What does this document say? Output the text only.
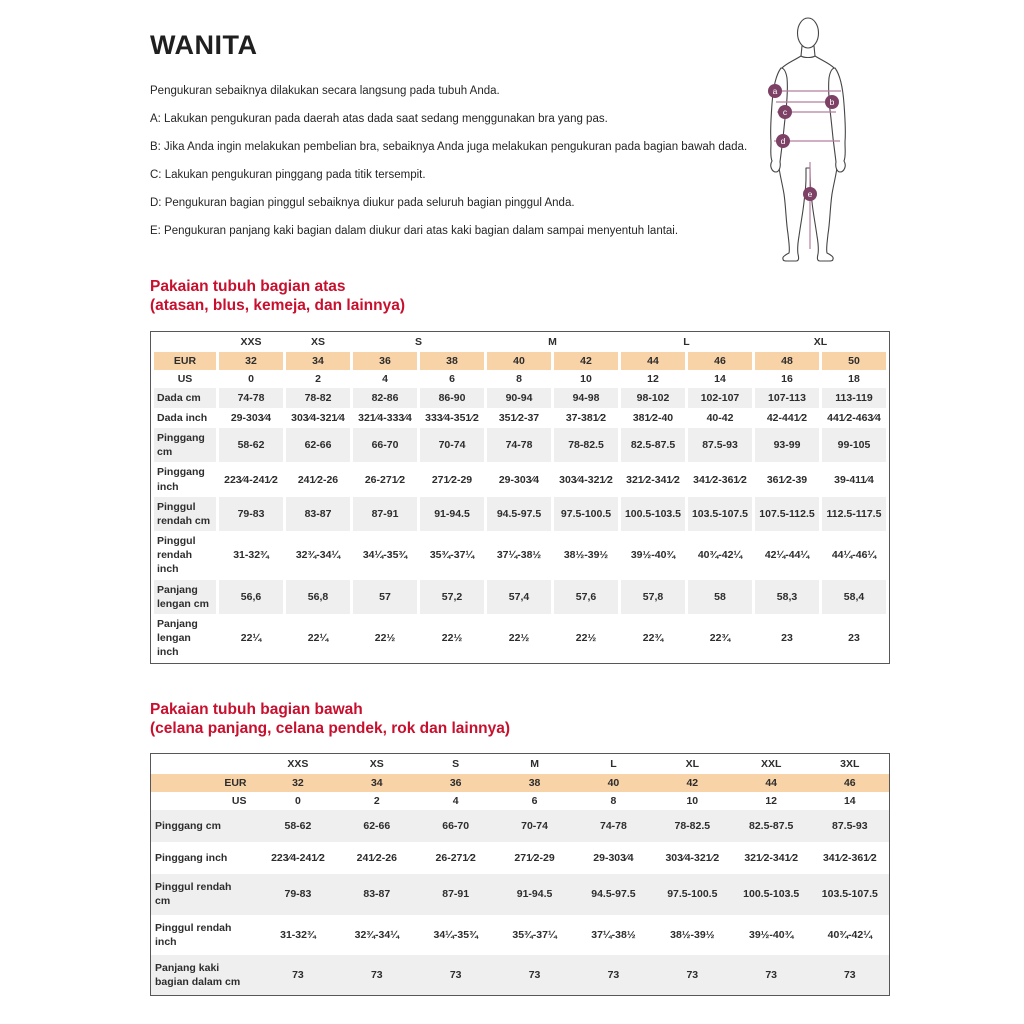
WANITA

Pengukuran sebaiknya dilakukan secara langsung pada tubuh Anda.

A: Lakukan pengukuran pada daerah atas dada saat sedang menggunakan bra yang pas.

B: Jika Anda ingin melakukan pembelian bra, sebaiknya Anda juga melakukan pengukuran pada bagian bawah dada.

C: Lakukan pengukuran pinggang pada titik tersempit.

D: Pengukuran bagian pinggul sebaiknya diukur pada seluruh bagian pinggul Anda.

E: Pengukuran panjang kaki bagian dalam diukur dari atas kaki bagian dalam sampai menyentuh lantai.

Pakaian tubuh bagian atas
(atasan, blus, kemeja, dan lainnya)
	XXS	XS	S		M		L		XL	
EUR	32	34	36	38	40	42	44	46	48	50
US	0	2	4	6	8	10	12	14	16	18
Dada cm	74-78	78-82	82-86	86-90	90-94	94-98	98-102	102-107	107-113	113-119
Dada inch	29-303⁄4	303⁄4-321⁄4	321⁄4-333⁄4	333⁄4-351⁄2	351⁄2-37	37-381⁄2	381⁄2-40	40-42	42-441⁄2	441⁄2-463⁄4
Pinggang cm	58-62	62-66	66-70	70-74	74-78	78-82.5	82.5-87.5	87.5-93	93-99	99-105
Pinggang
inch	223⁄4-241⁄2	241⁄2-26	26-271⁄2	271⁄2-29	29-303⁄4	303⁄4-321⁄2	321⁄2-341⁄2	341⁄2-361⁄2	361⁄2-39	39-411⁄4
Pinggul
rendah cm	79-83	83-87	87-91	91-94.5	94.5-97.5	97.5-100.5	100.5-103.5	103.5-107.5	107.5-112.5	112.5-117.5
Pinggul
rendah inch	31-32¾	32¾-34¼	34¼-35¾	35¾-37¼	37¼-38½	38½-39½	39½-40¾	40¾-42¼	42¼-44¼	44¼-46¼
Panjang
lengan cm	56,6	56,8	57	57,2	57,4	57,6	57,8	58	58,3	58,4
Panjang
lengan inch	22¼	22¼	22½	22½	22½	22½	22¾	22¾	23	23
Pakaian tubuh bagian bawah
(celana panjang, celana pendek, rok dan lainnya)
	XXS	XS	S	M	L	XL	XXL	3XL
EUR	32	34	36	38	40	42	44	46
US	0	2	4	6	8	10	12	14
Pinggang cm	58-62	62-66	66-70	70-74	74-78	78-82.5	82.5-87.5	87.5-93
Pinggang inch	223⁄4-241⁄2	241⁄2-26	26-271⁄2	271⁄2-29	29-303⁄4	303⁄4-321⁄2	321⁄2-341⁄2	341⁄2-361⁄2
Pinggul rendah
cm	79-83	83-87	87-91	91-94.5	94.5-97.5	97.5-100.5	100.5-103.5	103.5-107.5
Pinggul rendah
inch	31-32¾	32¾-34¼	34¼-35¾	35¾-37¼	37¼-38½	38½-39½	39½-40¾	40¾-42¼
Panjang kaki
bagian dalam cm	73	73	73	73	73	73	73	73
a
b
c
d
e
